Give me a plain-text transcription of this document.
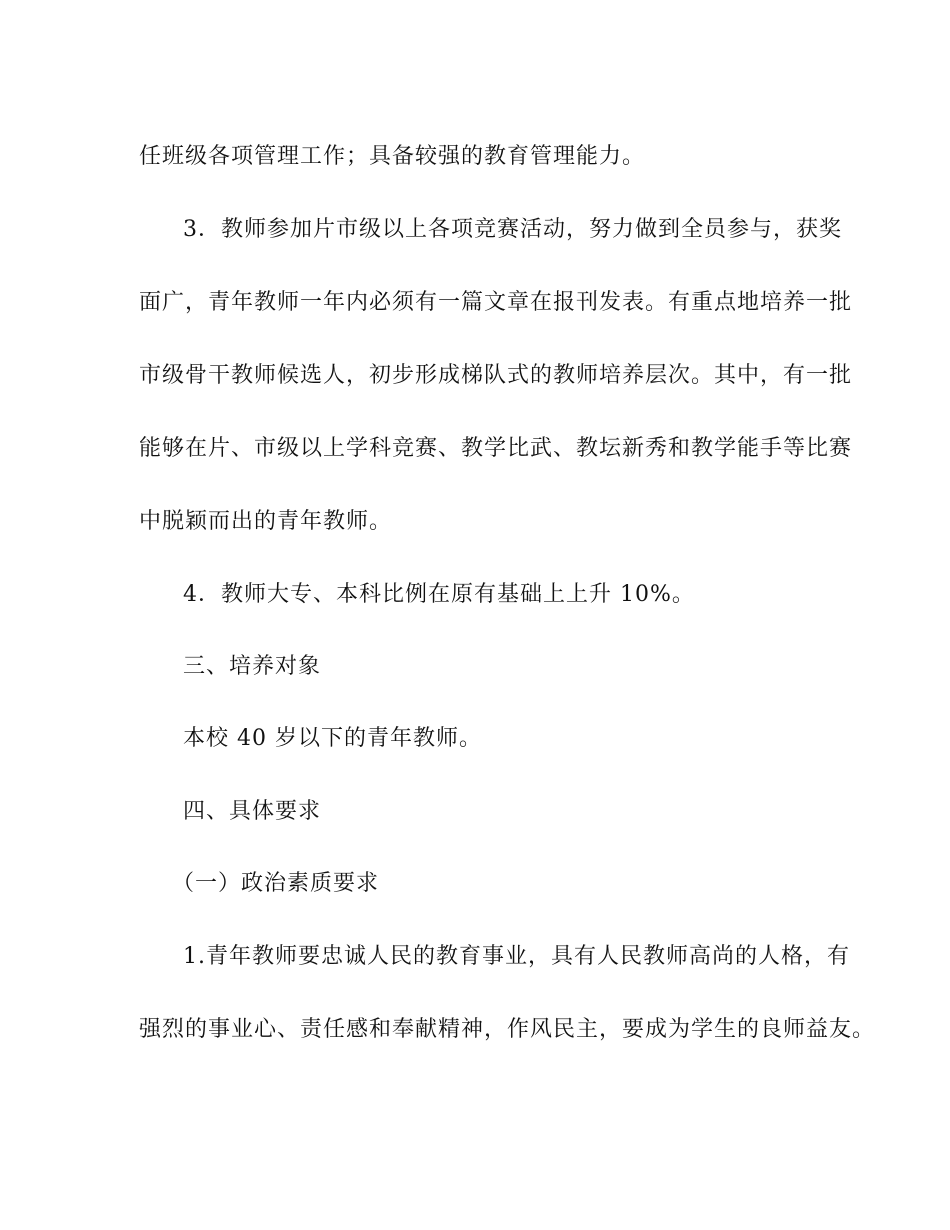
任班级各项管理工作；具备较强的教育管理能力。
3．教师参加片市级以上各项竞赛活动，努力做到全员参与，获奖
面广，青年教师一年内必须有一篇文章在报刊发表。有重点地培养一批
市级骨干教师候选人，初步形成梯队式的教师培养层次。其中，有一批
能够在片、市级以上学科竞赛、教学比武、教坛新秀和教学能手等比赛
中脱颖而出的青年教师。
4．教师大专、本科比例在原有基础上上升 10%。
三、培养对象
本校 40 岁以下的青年教师。
四、具体要求
（一）政治素质要求
1.青年教师要忠诚人民的教育事业，具有人民教师高尚的人格，有
强烈的事业心、责任感和奉献精神，作风民主，要成为学生的良师益友。
